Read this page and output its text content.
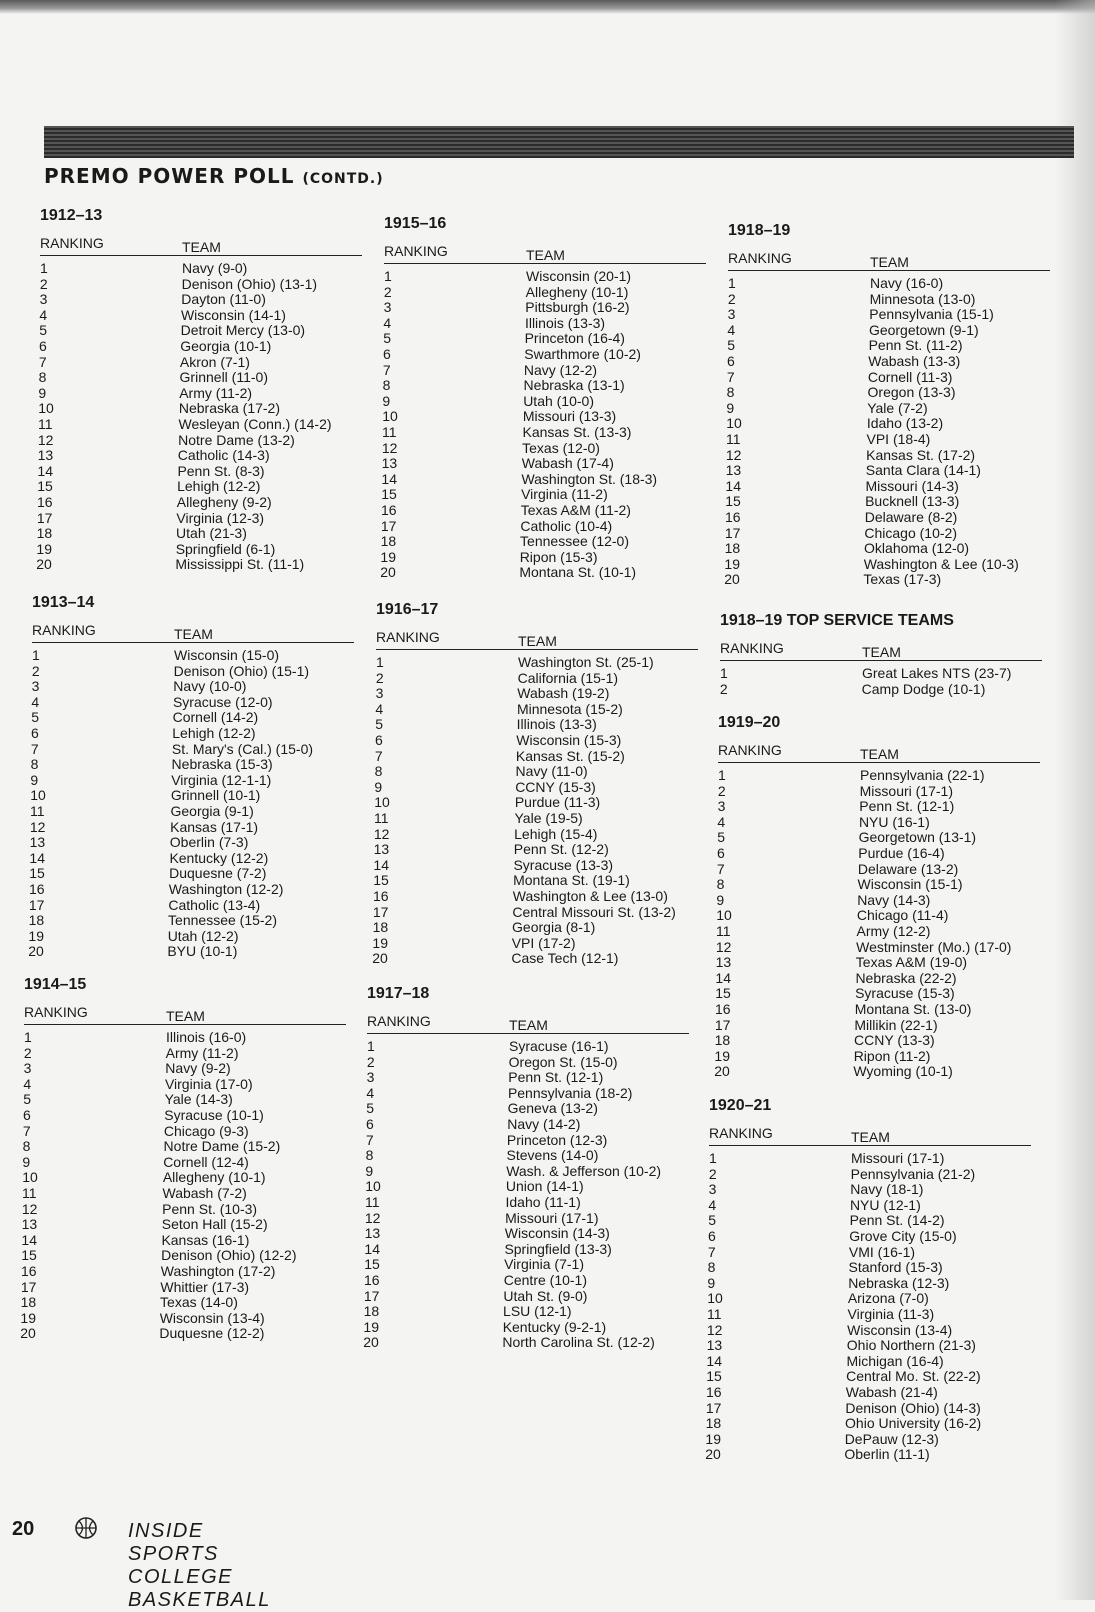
PREMO POWER POLL (CONTD.)
1912–13
RANKING	TEAM
1	Navy (9-0)
2	Denison (Ohio) (13-1)
3	Dayton (11-0)
4	Wisconsin (14-1)
5	Detroit Mercy (13-0)
6	Georgia (10-1)
7	Akron (7-1)
8	Grinnell (11-0)
9	Army (11-2)
10	Nebraska (17-2)
11	Wesleyan (Conn.) (14-2)
12	Notre Dame (13-2)
13	Catholic (14-3)
14	Penn St. (8-3)
15	Lehigh (12-2)
16	Allegheny (9-2)
17	Virginia (12-3)
18	Utah (21-3)
19	Springfield (6-1)
20	Mississippi St. (11-1)
1913–14
RANKING	TEAM
1	Wisconsin (15-0)
2	Denison (Ohio) (15-1)
3	Navy (10-0)
4	Syracuse (12-0)
5	Cornell (14-2)
6	Lehigh (12-2)
7	St. Mary's (Cal.) (15-0)
8	Nebraska (15-3)
9	Virginia (12-1-1)
10	Grinnell (10-1)
11	Georgia (9-1)
12	Kansas (17-1)
13	Oberlin (7-3)
14	Kentucky (12-2)
15	Duquesne (7-2)
16	Washington (12-2)
17	Catholic (13-4)
18	Tennessee (15-2)
19	Utah (12-2)
20	BYU (10-1)
1914–15
RANKING	TEAM
1	Illinois (16-0)
2	Army (11-2)
3	Navy (9-2)
4	Virginia (17-0)
5	Yale (14-3)
6	Syracuse (10-1)
7	Chicago (9-3)
8	Notre Dame (15-2)
9	Cornell (12-4)
10	Allegheny (10-1)
11	Wabash (7-2)
12	Penn St. (10-3)
13	Seton Hall (15-2)
14	Kansas (16-1)
15	Denison (Ohio) (12-2)
16	Washington (17-2)
17	Whittier (17-3)
18	Texas (14-0)
19	Wisconsin (13-4)
20	Duquesne (12-2)
1915–16
RANKING	TEAM
1	Wisconsin (20-1)
2	Allegheny (10-1)
3	Pittsburgh (16-2)
4	Illinois (13-3)
5	Princeton (16-4)
6	Swarthmore (10-2)
7	Navy (12-2)
8	Nebraska (13-1)
9	Utah (10-0)
10	Missouri (13-3)
11	Kansas St. (13-3)
12	Texas (12-0)
13	Wabash (17-4)
14	Washington St. (18-3)
15	Virginia (11-2)
16	Texas A&M (11-2)
17	Catholic (10-4)
18	Tennessee (12-0)
19	Ripon (15-3)
20	Montana St. (10-1)
1916–17
RANKING	TEAM
1	Washington St. (25-1)
2	California (15-1)
3	Wabash (19-2)
4	Minnesota (15-2)
5	Illinois (13-3)
6	Wisconsin (15-3)
7	Kansas St. (15-2)
8	Navy (11-0)
9	CCNY (15-3)
10	Purdue (11-3)
11	Yale (19-5)
12	Lehigh (15-4)
13	Penn St. (12-2)
14	Syracuse (13-3)
15	Montana St. (19-1)
16	Washington & Lee (13-0)
17	Central Missouri St. (13-2)
18	Georgia (8-1)
19	VPI (17-2)
20	Case Tech (12-1)
1917–18
RANKING	TEAM
1	Syracuse (16-1)
2	Oregon St. (15-0)
3	Penn St. (12-1)
4	Pennsylvania (18-2)
5	Geneva (13-2)
6	Navy (14-2)
7	Princeton (12-3)
8	Stevens (14-0)
9	Wash. & Jefferson (10-2)
10	Union (14-1)
11	Idaho (11-1)
12	Missouri (17-1)
13	Wisconsin (14-3)
14	Springfield (13-3)
15	Virginia (7-1)
16	Centre (10-1)
17	Utah St. (9-0)
18	LSU (12-1)
19	Kentucky (9-2-1)
20	North Carolina St. (12-2)
1918–19
RANKING	TEAM
1	Navy (16-0)
2	Minnesota (13-0)
3	Pennsylvania (15-1)
4	Georgetown (9-1)
5	Penn St. (11-2)
6	Wabash (13-3)
7	Cornell (11-3)
8	Oregon (13-3)
9	Yale (7-2)
10	Idaho (13-2)
11	VPI (18-4)
12	Kansas St. (17-2)
13	Santa Clara (14-1)
14	Missouri (14-3)
15	Bucknell (13-3)
16	Delaware (8-2)
17	Chicago (10-2)
18	Oklahoma (12-0)
19	Washington & Lee (10-3)
20	Texas (17-3)
1918–19 TOP SERVICE TEAMS
RANKING	TEAM
1	Great Lakes NTS (23-7)
2	Camp Dodge (10-1)
1919–20
RANKING	TEAM
1	Pennsylvania (22-1)
2	Missouri (17-1)
3	Penn St. (12-1)
4	NYU (16-1)
5	Georgetown (13-1)
6	Purdue (16-4)
7	Delaware (13-2)
8	Wisconsin (15-1)
9	Navy (14-3)
10	Chicago (11-4)
11	Army (12-2)
12	Westminster (Mo.) (17-0)
13	Texas A&M (19-0)
14	Nebraska (22-2)
15	Syracuse (15-3)
16	Montana St. (13-0)
17	Millikin (22-1)
18	CCNY (13-3)
19	Ripon (11-2)
20	Wyoming (10-1)
1920–21
RANKING	TEAM
1	Missouri (17-1)
2	Pennsylvania (21-2)
3	Navy (18-1)
4	NYU (12-1)
5	Penn St. (14-2)
6	Grove City (15-0)
7	VMI (16-1)
8	Stanford (15-3)
9	Nebraska (12-3)
10	Arizona (7-0)
11	Virginia (11-3)
12	Wisconsin (13-4)
13	Ohio Northern (21-3)
14	Michigan (16-4)
15	Central Mo. St. (22-2)
16	Wabash (21-4)
17	Denison (Ohio) (14-3)
18	Ohio University (16-2)
19	DePauw (12-3)
20	Oberlin (11-1)
20	INSIDE SPORTS COLLEGE BASKETBALL
